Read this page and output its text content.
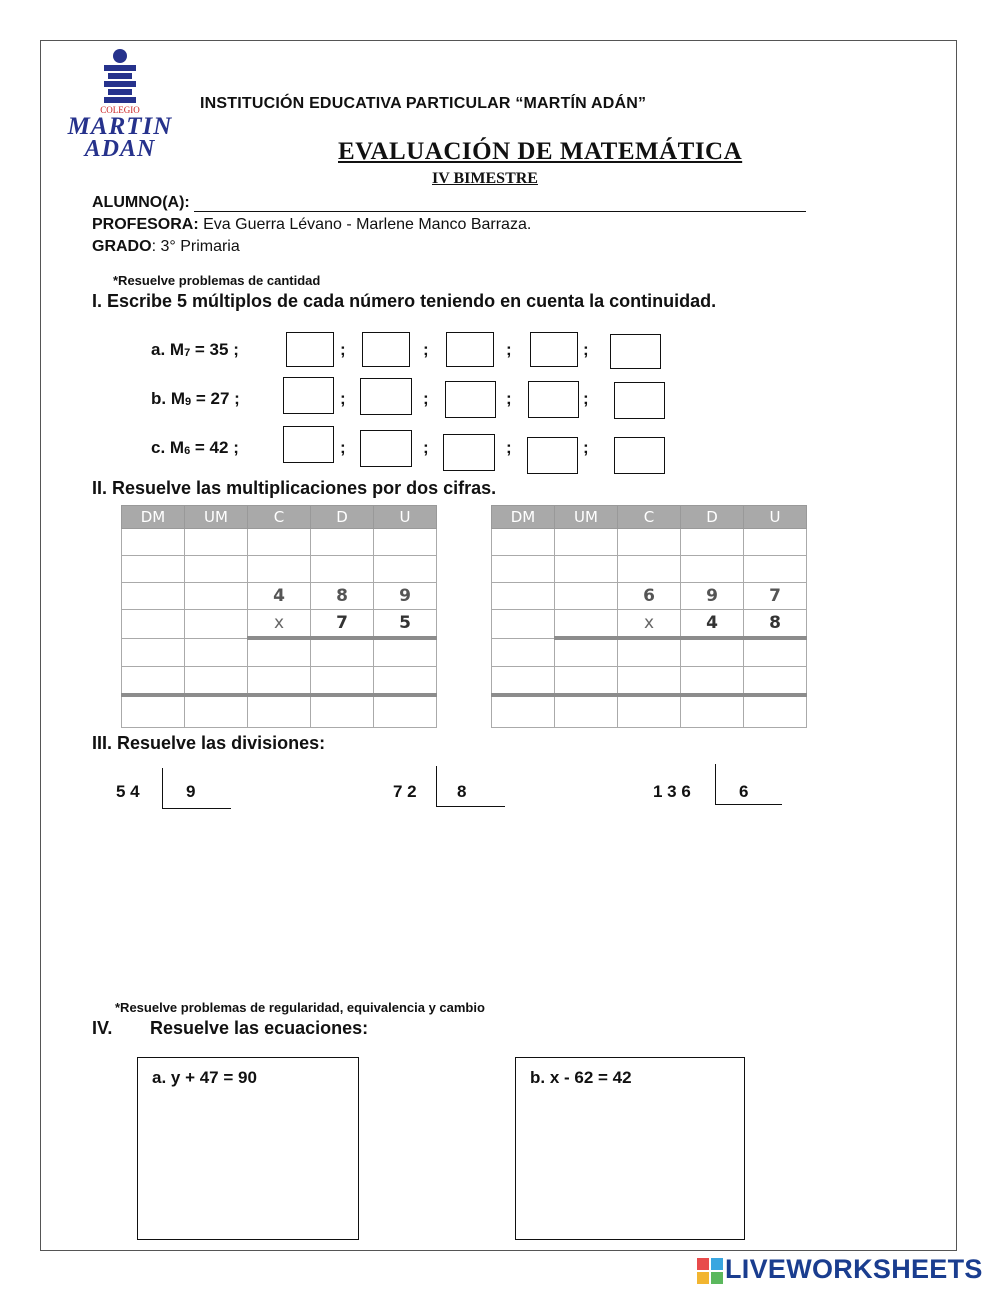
COLEGIO
MARTIN
ADAN
INSTITUCIÓN EDUCATIVA PARTICULAR “MARTÍN ADÁN”
EVALUACIÓN DE MATEMÁTICA
IV BIMESTRE
ALUMNO(A):
PROFESORA: Eva Guerra Lévano - Marlene Manco Barraza.
GRADO: 3° Primaria
*Resuelve problemas de cantidad
I. Escribe 5 múltiplos de cada número teniendo en cuenta la continuidad.
a. $M_7 = 35$ ;	;	;	;	;
b. $M_9 = 27$ ;	;	;	;	;
c. $M_6 = 42$ ;	;	;	;	;
II. Resuelve las multiplicaciones por dos cifras.
DM	UM	C	D	U

		4	8	9
		x	7	5

DM	UM	C	D	U

		6	9	7
		x	4	8

III. Resuelve las divisiones:
5 4	9	7 2 8	1 3 6	6
*Resuelve problemas de regularidad, equivalencia y cambio
IV. Resuelve las ecuaciones:
a. y + 47 = 90	b. x - 62 = 42
LIVEWORKSHEETS
